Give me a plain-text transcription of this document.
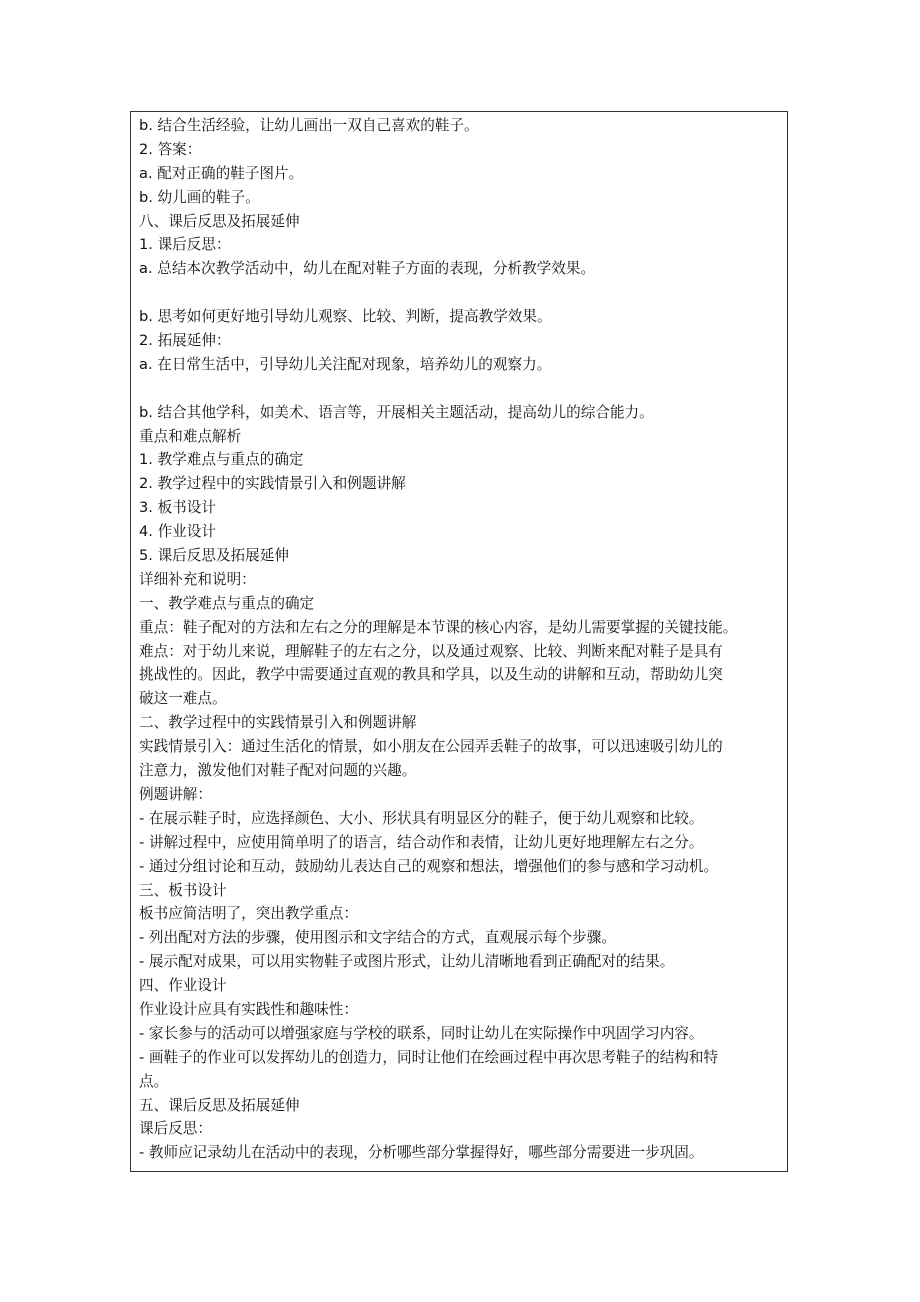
b. 结合生活经验，让幼儿画出一双自己喜欢的鞋子。
2. 答案：
a. 配对正确的鞋子图片。
b. 幼儿画的鞋子。
八、课后反思及拓展延伸
1. 课后反思：
a. 总结本次教学活动中，幼儿在配对鞋子方面的表现，分析教学效果。
b. 思考如何更好地引导幼儿观察、比较、判断，提高教学效果。
2. 拓展延伸：
a. 在日常生活中，引导幼儿关注配对现象，培养幼儿的观察力。
b. 结合其他学科，如美术、语言等，开展相关主题活动，提高幼儿的综合能力。
重点和难点解析
1. 教学难点与重点的确定
2. 教学过程中的实践情景引入和例题讲解
3. 板书设计
4. 作业设计
5. 课后反思及拓展延伸
详细补充和说明：
一、教学难点与重点的确定
重点：鞋子配对的方法和左右之分的理解是本节课的核心内容，是幼儿需要掌握的关键技能。
难点：对于幼儿来说，理解鞋子的左右之分，以及通过观察、比较、判断来配对鞋子是具有
挑战性的。因此，教学中需要通过直观的教具和学具，以及生动的讲解和互动，帮助幼儿突
破这一难点。
二、教学过程中的实践情景引入和例题讲解
实践情景引入：通过生活化的情景，如小朋友在公园弄丢鞋子的故事，可以迅速吸引幼儿的
注意力，激发他们对鞋子配对问题的兴趣。
例题讲解：
- 在展示鞋子时，应选择颜色、大小、形状具有明显区分的鞋子，便于幼儿观察和比较。
- 讲解过程中，应使用简单明了的语言，结合动作和表情，让幼儿更好地理解左右之分。
- 通过分组讨论和互动，鼓励幼儿表达自己的观察和想法，增强他们的参与感和学习动机。
三、板书设计
板书应简洁明了，突出教学重点：
- 列出配对方法的步骤，使用图示和文字结合的方式，直观展示每个步骤。
- 展示配对成果，可以用实物鞋子或图片形式，让幼儿清晰地看到正确配对的结果。
四、作业设计
作业设计应具有实践性和趣味性：
- 家长参与的活动可以增强家庭与学校的联系，同时让幼儿在实际操作中巩固学习内容。
- 画鞋子的作业可以发挥幼儿的创造力，同时让他们在绘画过程中再次思考鞋子的结构和特
点。
五、课后反思及拓展延伸
课后反思：
- 教师应记录幼儿在活动中的表现，分析哪些部分掌握得好，哪些部分需要进一步巩固。
